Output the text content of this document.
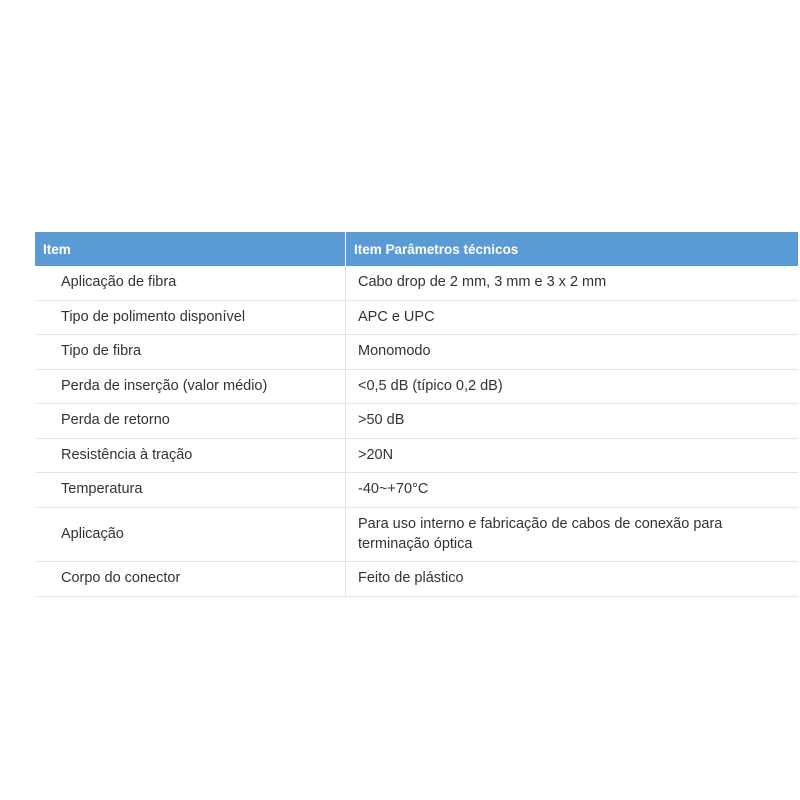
Item	Item Parâmetros técnicos
Aplicação de fibra	Cabo drop de 2 mm, 3 mm e 3 x 2 mm
Tipo de polimento disponível	APC e UPC
Tipo de fibra	Monomodo
Perda de inserção (valor médio)	<0,5 dB (típico 0,2 dB)
Perda de retorno	>50 dB
Resistência à tração	>20N
Temperatura	-40~+70°C
Aplicação	Para uso interno e fabricação de cabos de conexão para terminação óptica
Corpo do conector	Feito de plástico
